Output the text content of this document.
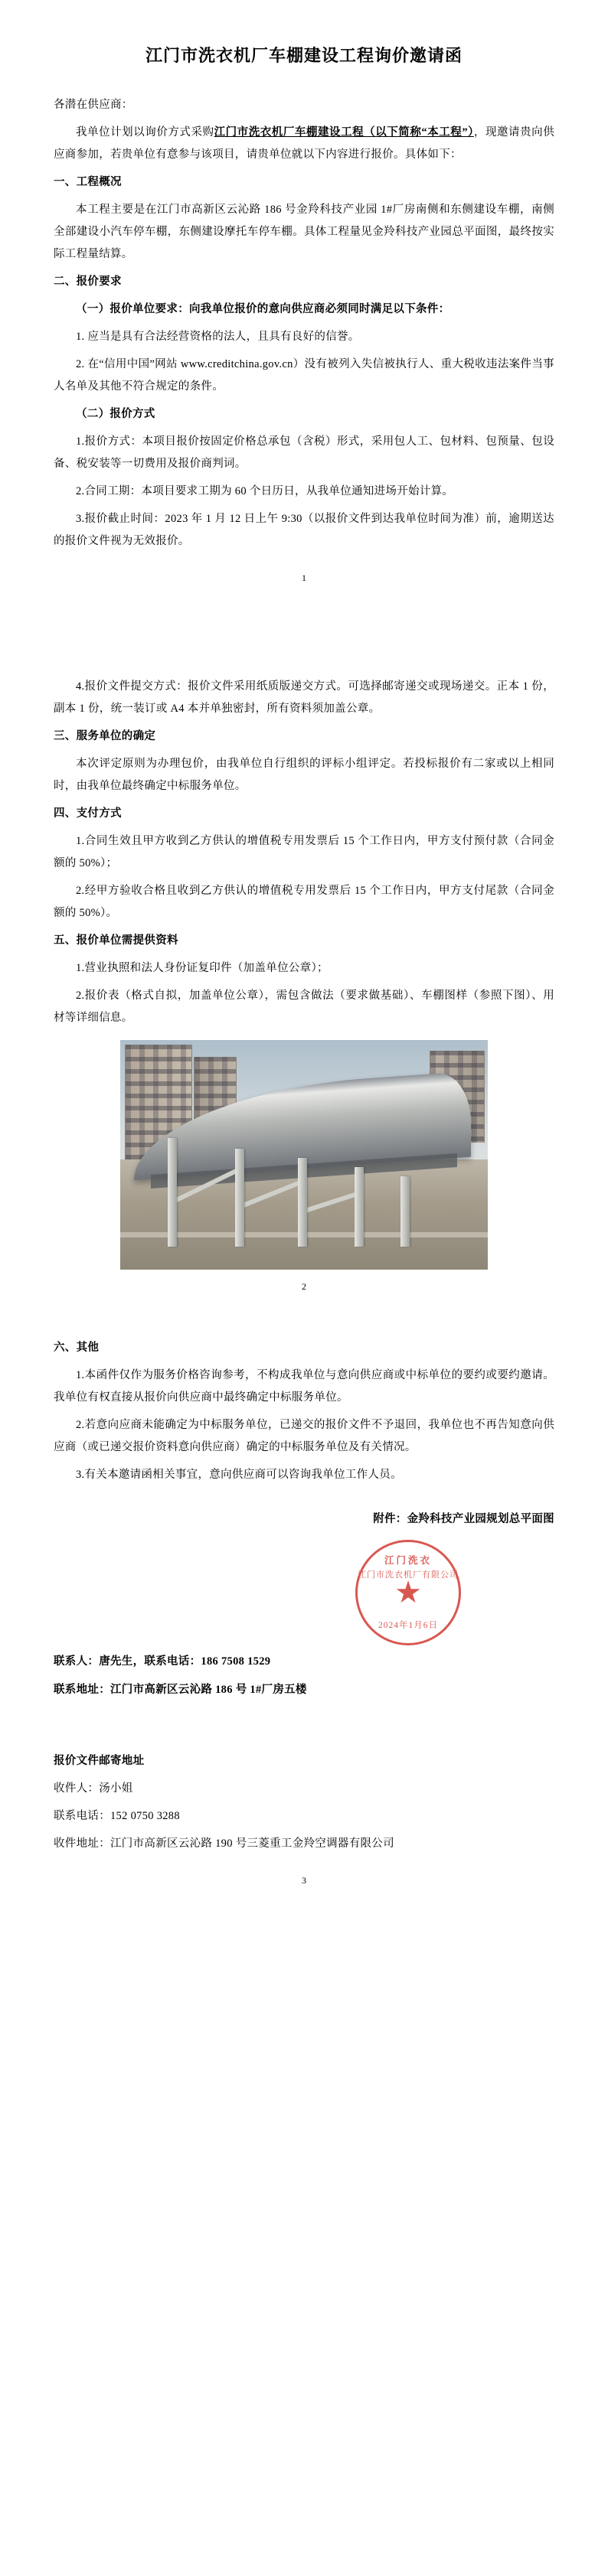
江门市洗衣机厂车棚建设工程询价邀请函

各潜在供应商：

我单位计划以询价方式采购江门市洗衣机厂车棚建设工程（以下简称“本工程”），现邀请贵向供应商参加，若贵单位有意参与该项目，请贵单位就以下内容进行报价。具体如下：

一、工程概况

本工程主要是在江门市高新区云沁路 186 号金羚科技产业园 1#厂房南侧和东侧建设车棚，南侧全部建设小汽车停车棚，东侧建设摩托车停车棚。具体工程量见金羚科技产业园总平面图，最终按实际工程量结算。

二、报价要求

（一）报价单位要求：向我单位报价的意向供应商必须同时满足以下条件：

1. 应当是具有合法经营资格的法人，且具有良好的信誉。

2. 在“信用中国”网站 www.creditchina.gov.cn）没有被列入失信被执行人、重大税收违法案件当事人名单及其他不符合规定的条件。

（二）报价方式

1.报价方式：本项目报价按固定价格总承包（含税）形式，采用包人工、包材料、包预量、包设备、税安装等一切费用及报价商判词。

2.合同工期：本项目要求工期为 60 个日历日，从我单位通知进场开始计算。

3.报价截止时间：2023 年 1 月 12 日上午 9:30（以报价文件到达我单位时间为准）前，逾期送达的报价文件视为无效报价。

1

4.报价文件提交方式：报价文件采用纸质版递交方式。可选择邮寄递交或现场递交。正本 1 份，副本 1 份，统一装订或 A4 本并单独密封，所有资料须加盖公章。

三、服务单位的确定

本次评定原则为办理包价，由我单位自行组织的评标小组评定。若投标报价有二家或以上相同时，由我单位最终确定中标服务单位。

四、支付方式

1.合同生效且甲方收到乙方供认的增值税专用发票后 15 个工作日内，甲方支付预付款（合同金额的 50%）；

2.经甲方验收合格且收到乙方供认的增值税专用发票后 15 个工作日内，甲方支付尾款（合同金额的 50%）。

五、报价单位需提供资料

1.营业执照和法人身份证复印件（加盖单位公章）；

2.报价表（格式自拟，加盖单位公章），需包含做法（要求做基础）、车棚图样（参照下图）、用材等详细信息。

2

六、其他

1.本函件仅作为服务价格咨询参考，不构成我单位与意向供应商或中标单位的要约或要约邀请。我单位有权直接从报价向供应商中最终确定中标服务单位。

2.若意向应商未能确定为中标服务单位，已递交的报价文件不予退回，我单位也不再告知意向供应商（或已递交报价资料意向供应商）确定的中标服务单位及有关情况。

3.有关本邀请函相关事宜，意向供应商可以咨询我单位工作人员。

附件：金羚科技产业园规划总平面图

江门洗衣
江门市洗衣机厂有限公司
★
2024年1月6日

联系人：唐先生，联系电话：186 7508 1529

联系地址：江门市高新区云沁路 186 号 1#厂房五楼

报价文件邮寄地址

收件人：汤小姐

联系电话：152 0750 3288

收件地址：江门市高新区云沁路 190 号三菱重工金羚空调器有限公司

3
